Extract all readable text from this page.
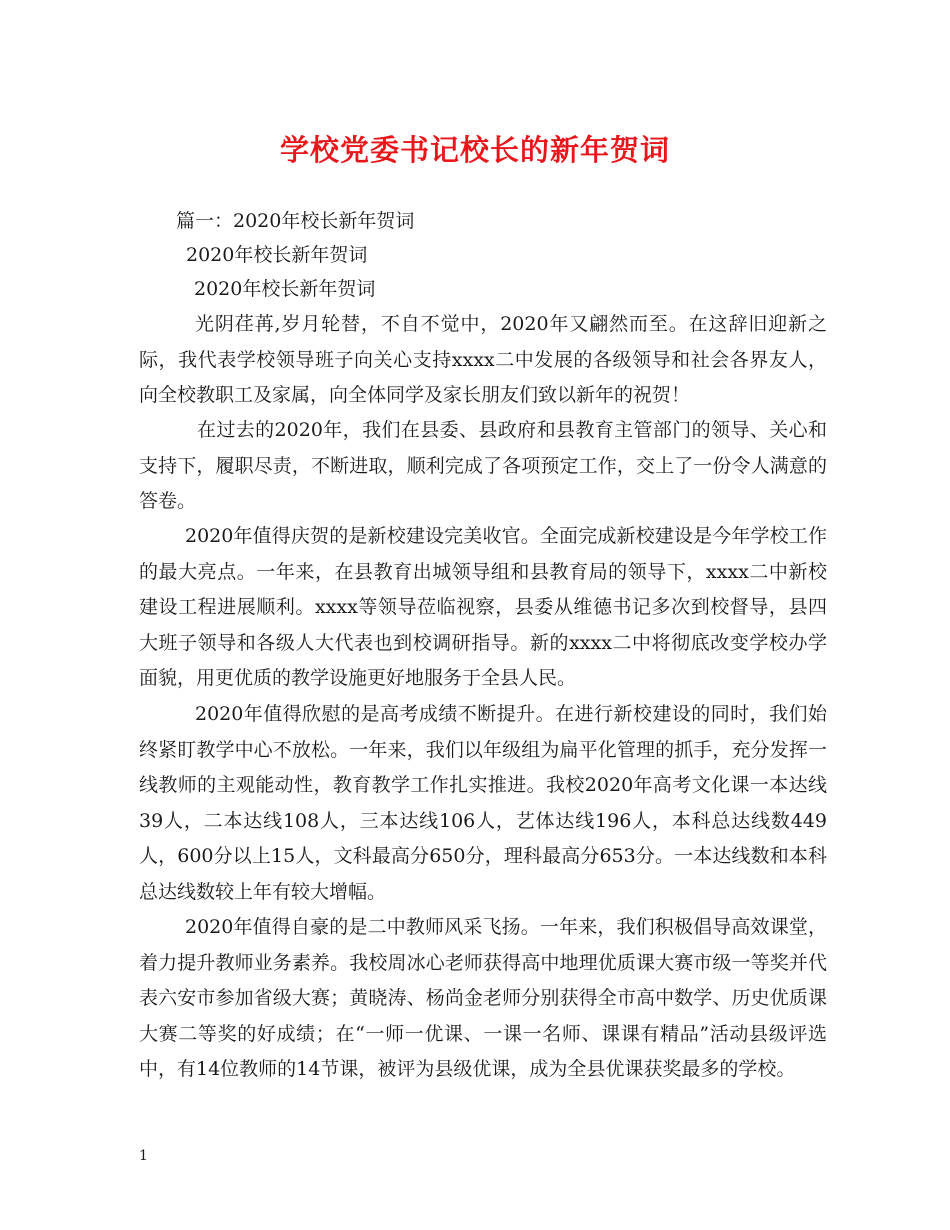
学校党委书记校长的新年贺词

篇一：2020年校长新年贺词

2020年校长新年贺词

2020年校长新年贺词

光阴荏苒,岁月轮替，不自不觉中，2020年又翩然而至。在这辞旧迎新之际，我代表学校领导班子向关心支持xxxx二中发展的各级领导和社会各界友人，向全校教职工及家属，向全体同学及家长朋友们致以新年的祝贺！

在过去的2020年，我们在县委、县政府和县教育主管部门的领导、关心和支持下，履职尽责，不断进取，顺利完成了各项预定工作，交上了一份令人满意的答卷。

2020年值得庆贺的是新校建设完美收官。全面完成新校建设是今年学校工作的最大亮点。一年来，在县教育出城领导组和县教育局的领导下，xxxx二中新校建设工程进展顺利。xxxx等领导莅临视察，县委从维德书记多次到校督导，县四大班子领导和各级人大代表也到校调研指导。新的xxxx二中将彻底改变学校办学面貌，用更优质的教学设施更好地服务于全县人民。

2020年值得欣慰的是高考成绩不断提升。在进行新校建设的同时，我们始终紧盯教学中心不放松。一年来，我们以年级组为扁平化管理的抓手，充分发挥一线教师的主观能动性，教育教学工作扎实推进。我校2020年高考文化课一本达线39人，二本达线108人，三本达线106人，艺体达线196人，本科总达线数449人，600分以上15人，文科最高分650分，理科最高分653分。一本达线数和本科总达线数较上年有较大增幅。

2020年值得自豪的是二中教师风采飞扬。一年来，我们积极倡导高效课堂，着力提升教师业务素养。我校周冰心老师获得高中地理优质课大赛市级一等奖并代表六安市参加省级大赛；黄晓涛、杨尚金老师分别获得全市高中数学、历史优质课大赛二等奖的好成绩；在“一师一优课、一课一名师、课课有精品”活动县级评选中，有14位教师的14节课，被评为县级优课，成为全县优课获奖最多的学校。

1
